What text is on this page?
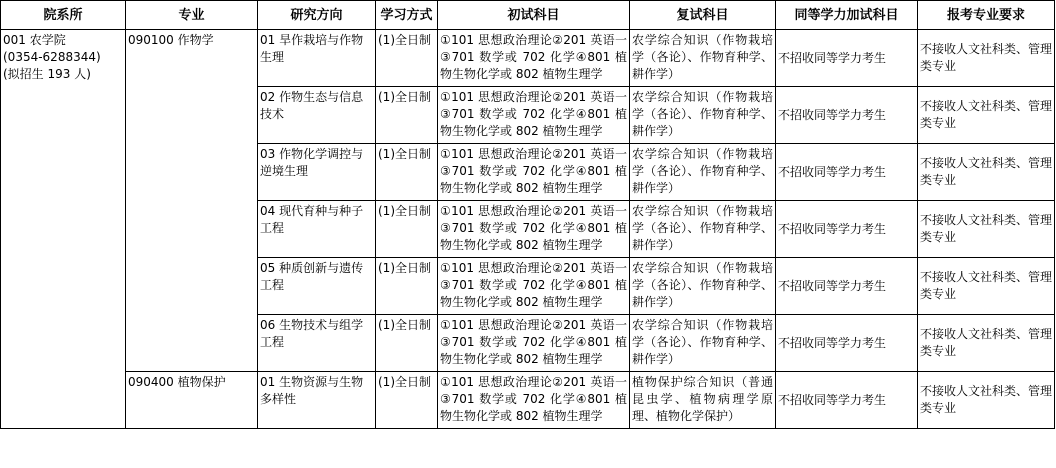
院系所	专业	研究方向	学习方式	初试科目	复试科目	同等学力加试科目	报考专业要求

001 农学院
(0354-6288344)
(拟招生 193 人)	090100 作物学	01 旱作栽培与作物生理	(1)全日制	①101 思想政治理论②201 英语一③701 数学或 702 化学④801 植物生物化学或 802 植物生理学	农学综合知识（作物栽培学（各论）、作物育种学、耕作学）	不招收同等学力考生	不接收人文社科类、管理类专业
		02 作物生态与信息技术	(1)全日制	①101 思想政治理论②201 英语一③701 数学或 702 化学④801 植物生物化学或 802 植物生理学	农学综合知识（作物栽培学（各论）、作物育种学、耕作学）	不招收同等学力考生	不接收人文社科类、管理类专业
		03 作物化学调控与逆境生理	(1)全日制	①101 思想政治理论②201 英语一③701 数学或 702 化学④801 植物生物化学或 802 植物生理学	农学综合知识（作物栽培学（各论）、作物育种学、耕作学）	不招收同等学力考生	不接收人文社科类、管理类专业
		04 现代育种与种子工程	(1)全日制	①101 思想政治理论②201 英语一③701 数学或 702 化学④801 植物生物化学或 802 植物生理学	农学综合知识（作物栽培学（各论）、作物育种学、耕作学）	不招收同等学力考生	不接收人文社科类、管理类专业
		05 种质创新与遗传工程	(1)全日制	①101 思想政治理论②201 英语一③701 数学或 702 化学④801 植物生物化学或 802 植物生理学	农学综合知识（作物栽培学（各论）、作物育种学、耕作学）	不招收同等学力考生	不接收人文社科类、管理类专业
		06 生物技术与组学工程	(1)全日制	①101 思想政治理论②201 英语一③701 数学或 702 化学④801 植物生物化学或 802 植物生理学	农学综合知识（作物栽培学（各论）、作物育种学、耕作学）	不招收同等学力考生	不接收人文社科类、管理类专业
	090400 植物保护	01 生物资源与生物多样性	(1)全日制	①101 思想政治理论②201 英语一③701 数学或 702 化学④801 植物生物化学或 802 植物生理学	植物保护综合知识（普通昆虫学、植物病理学原理、植物化学保护）	不招收同等学力考生	不接收人文社科类、管理类专业
